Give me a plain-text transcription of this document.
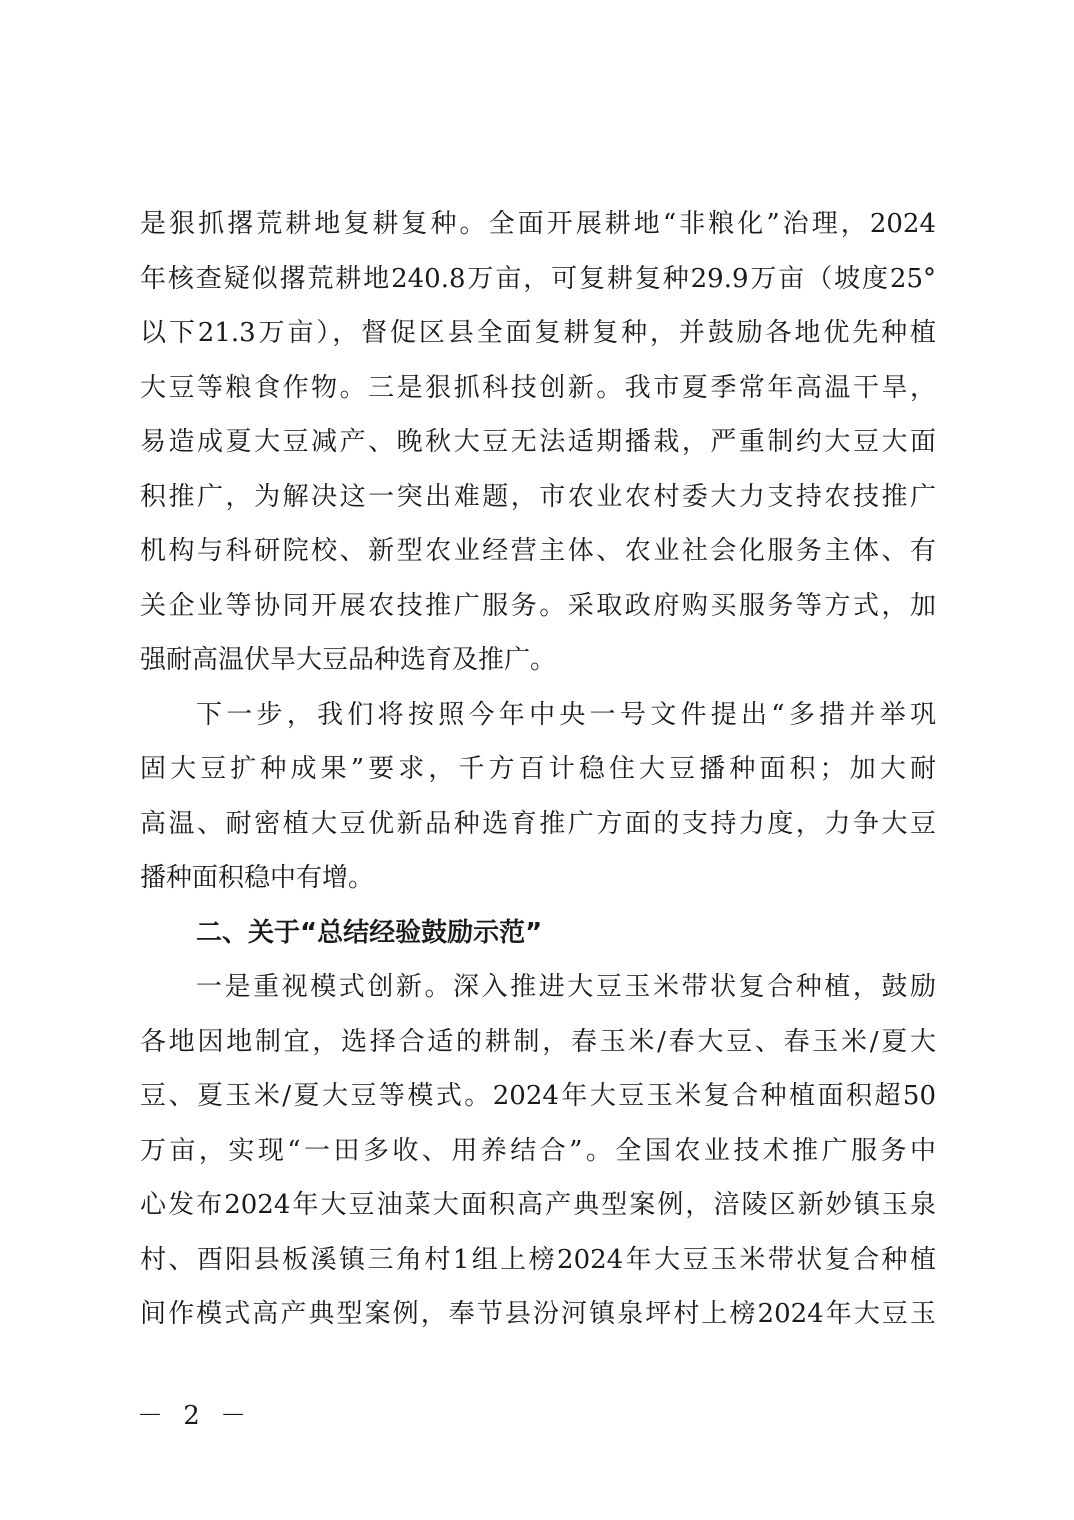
是狠抓撂荒耕地复耕复种。全面开展耕地“非粮化”治理，2024
年核查疑似撂荒耕地240.8万亩，可复耕复种29.9万亩（坡度25°
以下21.3万亩），督促区县全面复耕复种，并鼓励各地优先种植
大豆等粮食作物。三是狠抓科技创新。我市夏季常年高温干旱，
易造成夏大豆减产、晚秋大豆无法适期播栽，严重制约大豆大面
积推广，为解决这一突出难题，市农业农村委大力支持农技推广
机构与科研院校、新型农业经营主体、农业社会化服务主体、有
关企业等协同开展农技推广服务。采取政府购买服务等方式，加
强耐高温伏旱大豆品种选育及推广。
下一步，我们将按照今年中央一号文件提出“多措并举巩
固大豆扩种成果”要求，千方百计稳住大豆播种面积；加大耐
高温、耐密植大豆优新品种选育推广方面的支持力度，力争大豆
播种面积稳中有增。
二、关于“总结经验鼓励示范”
一是重视模式创新。深入推进大豆玉米带状复合种植，鼓励
各地因地制宜，选择合适的耕制，春玉米/春大豆、春玉米/夏大
豆、夏玉米/夏大豆等模式。2024年大豆玉米复合种植面积超50
万亩，实现“一田多收、用养结合”。全国农业技术推广服务中
心发布2024年大豆油菜大面积高产典型案例，涪陵区新妙镇玉泉
村、酉阳县板溪镇三角村1组上榜2024年大豆玉米带状复合种植
间作模式高产典型案例，奉节县汾河镇泉坪村上榜2024年大豆玉
－ 2 －
